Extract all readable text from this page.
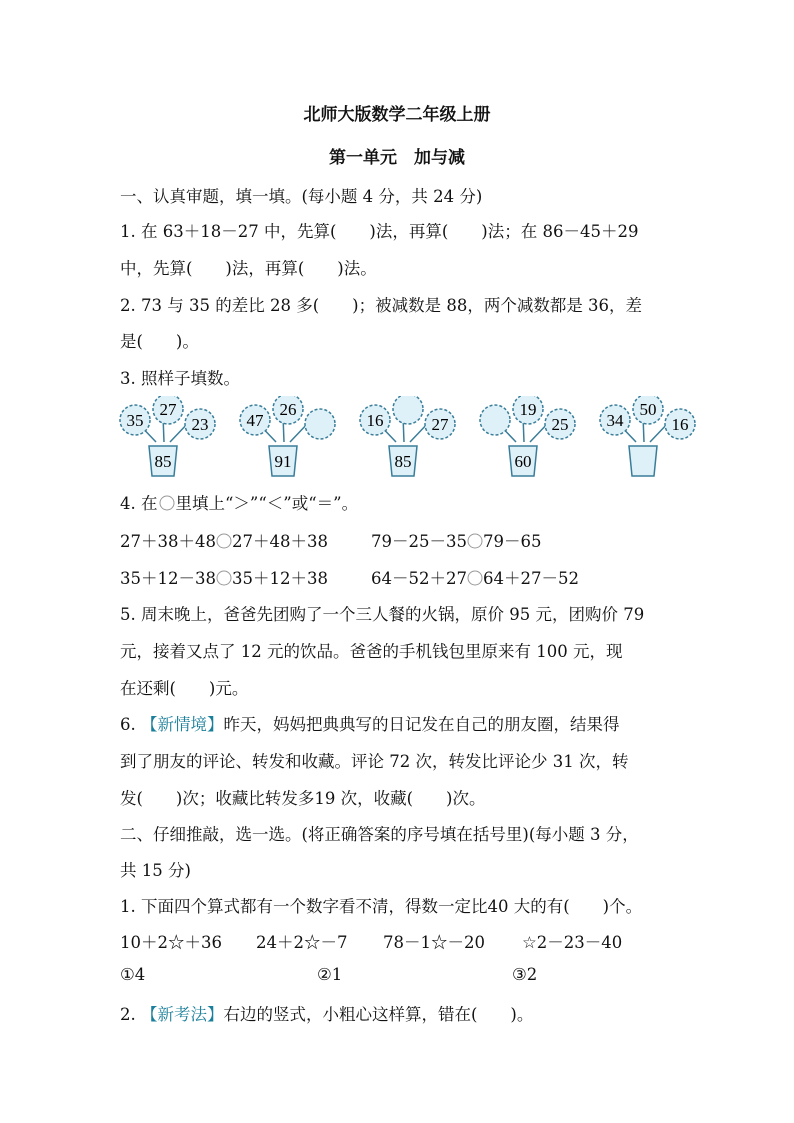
北师大版数学二年级上册
第一单元　加与减
一、认真审题，填一填。(每小题 4 分，共 24 分)
1. 在 63＋18－27 中，先算(　　)法，再算(　　)法；在 86－45＋29
中，先算(　　)法，再算(　　)法。
2. 73 与 35 的差比 28 多(　　)；被减数是 88，两个减数都是 36，差
是(　　)。
3. 照样子填数。
35
27
23
85
47
26
91
16	27
85
19
25
60
34
50
16
4. 在 里填上“＞”“＜”或“＝”。
27＋38＋48 27＋48＋38	79－25－35 79－65
35＋12－38 35＋12＋38	64－52＋27 64＋27－52
5. 周末晚上，爸爸先团购了一个三人餐的火锅，原价 95 元，团购价 79
元，接着又点了 12 元的饮品。爸爸的手机钱包里原来有 100 元，现
在还剩(　　)元。
6. 【新情境】昨天，妈妈把典典写的日记发在自己的朋友圈，结果得
到了朋友的评论、转发和收藏。评论 72 次，转发比评论少 31 次，转
发(　　)次；收藏比转发多19 次，收藏(　　)次。
二、仔细推敲，选一选。(将正确答案的序号填在括号里)(每小题 3 分，
共 15 分)
1. 下面四个算式都有一个数字看不清，得数一定比40 大的有(　　)个。
10＋2☆＋36 24＋2☆－7 78－1☆－20 ☆2－23－40
①4	②1	③2
2. 【新考法】右边的竖式，小粗心这样算，错在(　　)。
